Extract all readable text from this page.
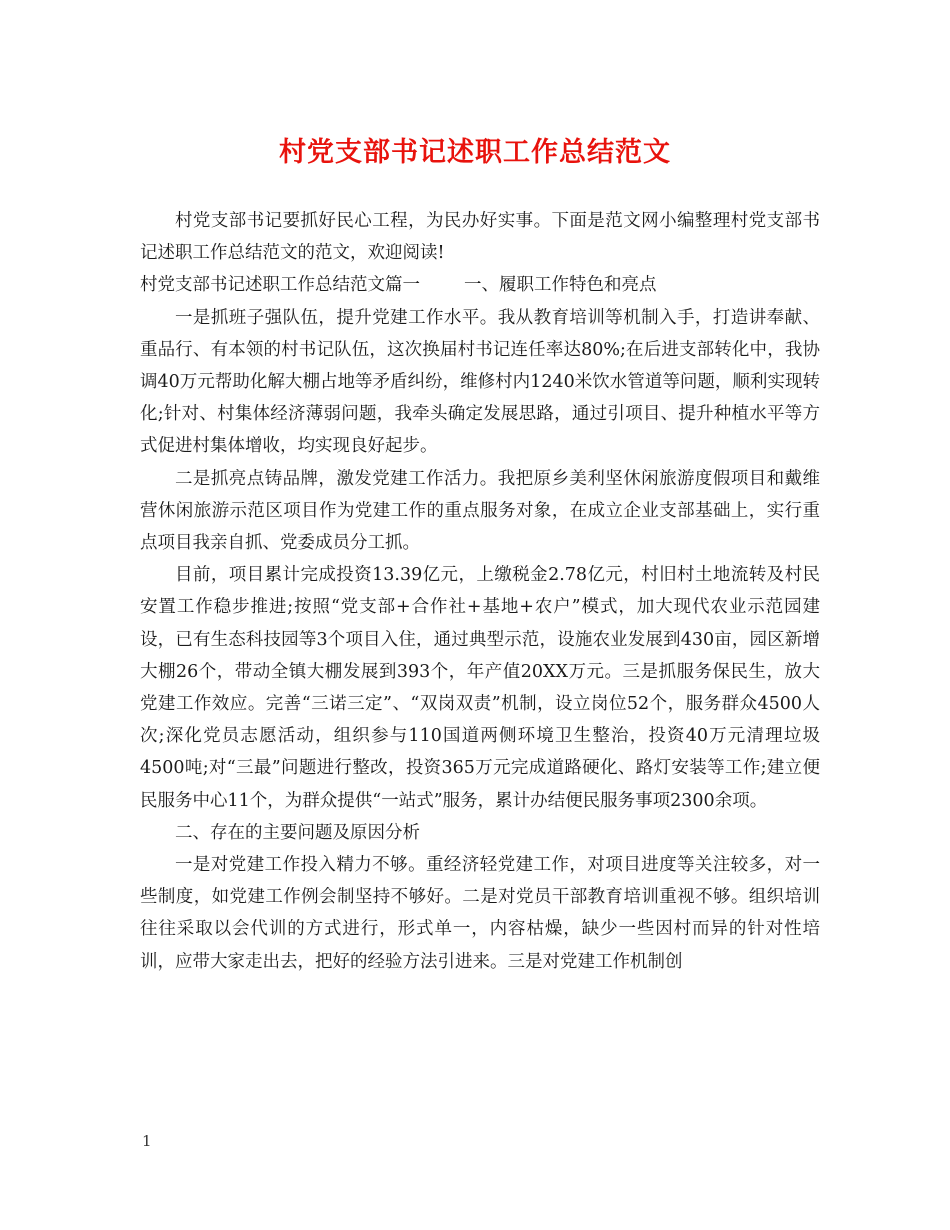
村党支部书记述职工作总结范文

村党支部书记要抓好民心工程，为民办好实事。下面是范文网小编整理村党支部书记述职工作总结范文的范文，欢迎阅读!

村党支部书记述职工作总结范文篇一	一、履职工作特色和亮点

一是抓班子强队伍，提升党建工作水平。我从教育培训等机制入手，打造讲奉献、重品行、有本领的村书记队伍，这次换届村书记连任率达80%;在后进支部转化中，我协调40万元帮助化解大棚占地等矛盾纠纷，维修村内1240米饮水管道等问题，顺利实现转化;针对、村集体经济薄弱问题，我牵头确定发展思路，通过引项目、提升种植水平等方式促进村集体增收，均实现良好起步。

二是抓亮点铸品牌，激发党建工作活力。我把原乡美利坚休闲旅游度假项目和戴维营休闲旅游示范区项目作为党建工作的重点服务对象，在成立企业支部基础上，实行重点项目我亲自抓、党委成员分工抓。

目前，项目累计完成投资13.39亿元，上缴税金2.78亿元，村旧村土地流转及村民安置工作稳步推进;按照“党支部+合作社+基地+农户”模式，加大现代农业示范园建设，已有生态科技园等3个项目入住，通过典型示范，设施农业发展到430亩，园区新增大棚26个，带动全镇大棚发展到393个，年产值20XX万元。三是抓服务保民生，放大党建工作效应。完善“三诺三定”、“双岗双责”机制，设立岗位52个，服务群众4500人次;深化党员志愿活动，组织参与110国道两侧环境卫生整治，投资40万元清理垃圾4500吨;对“三最”问题进行整改，投资365万元完成道路硬化、路灯安装等工作;建立便民服务中心11个，为群众提供“一站式”服务，累计办结便民服务事项2300余项。

二、存在的主要问题及原因分析

一是对党建工作投入精力不够。重经济轻党建工作，对项目进度等关注较多，对一些制度，如党建工作例会制坚持不够好。二是对党员干部教育培训重视不够。组织培训往往采取以会代训的方式进行，形式单一，内容枯燥，缺少一些因村而异的针对性培训，应带大家走出去，把好的经验方法引进来。三是对党建工作机制创

1
